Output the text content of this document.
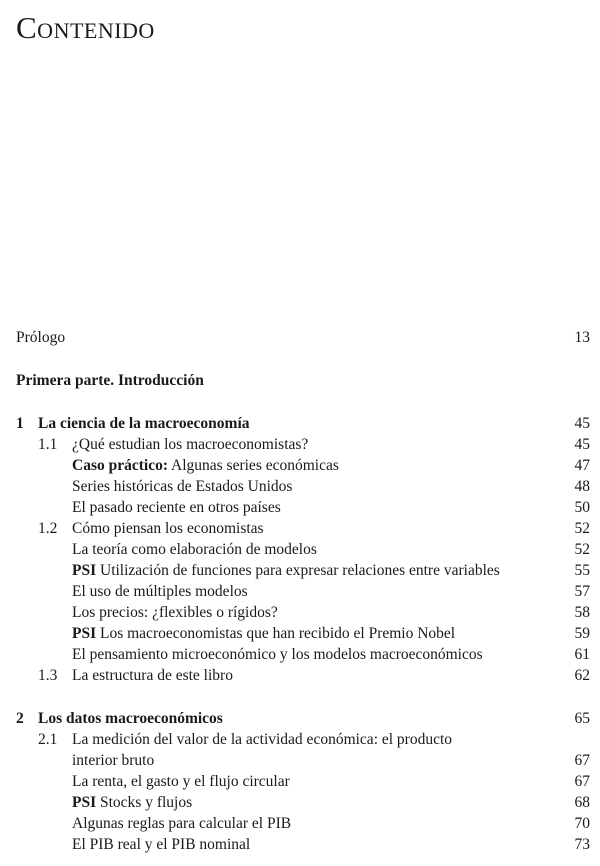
Contenido
Prólogo	13
Primera parte. Introducción
1 La ciencia de la macroeconomía	45
1.1 ¿Qué estudian los macroeconomistas?	45
Caso práctico: Algunas series económicas	47
Series históricas de Estados Unidos	48
El pasado reciente en otros países	50
1.2 Cómo piensan los economistas	52
La teoría como elaboración de modelos	52
PSI Utilización de funciones para expresar relaciones entre variables	55
El uso de múltiples modelos	57
Los precios: ¿flexibles o rígidos?	58
PSI Los macroeconomistas que han recibido el Premio Nobel	59
El pensamiento microeconómico y los modelos macroeconómicos	61
1.3 La estructura de este libro	62
2 Los datos macroeconómicos	65
2.1 La medición del valor de la actividad económica: el producto
interior bruto	67
La renta, el gasto y el flujo circular	67
PSI Stocks y flujos	68
Algunas reglas para calcular el PIB	70
El PIB real y el PIB nominal	73
